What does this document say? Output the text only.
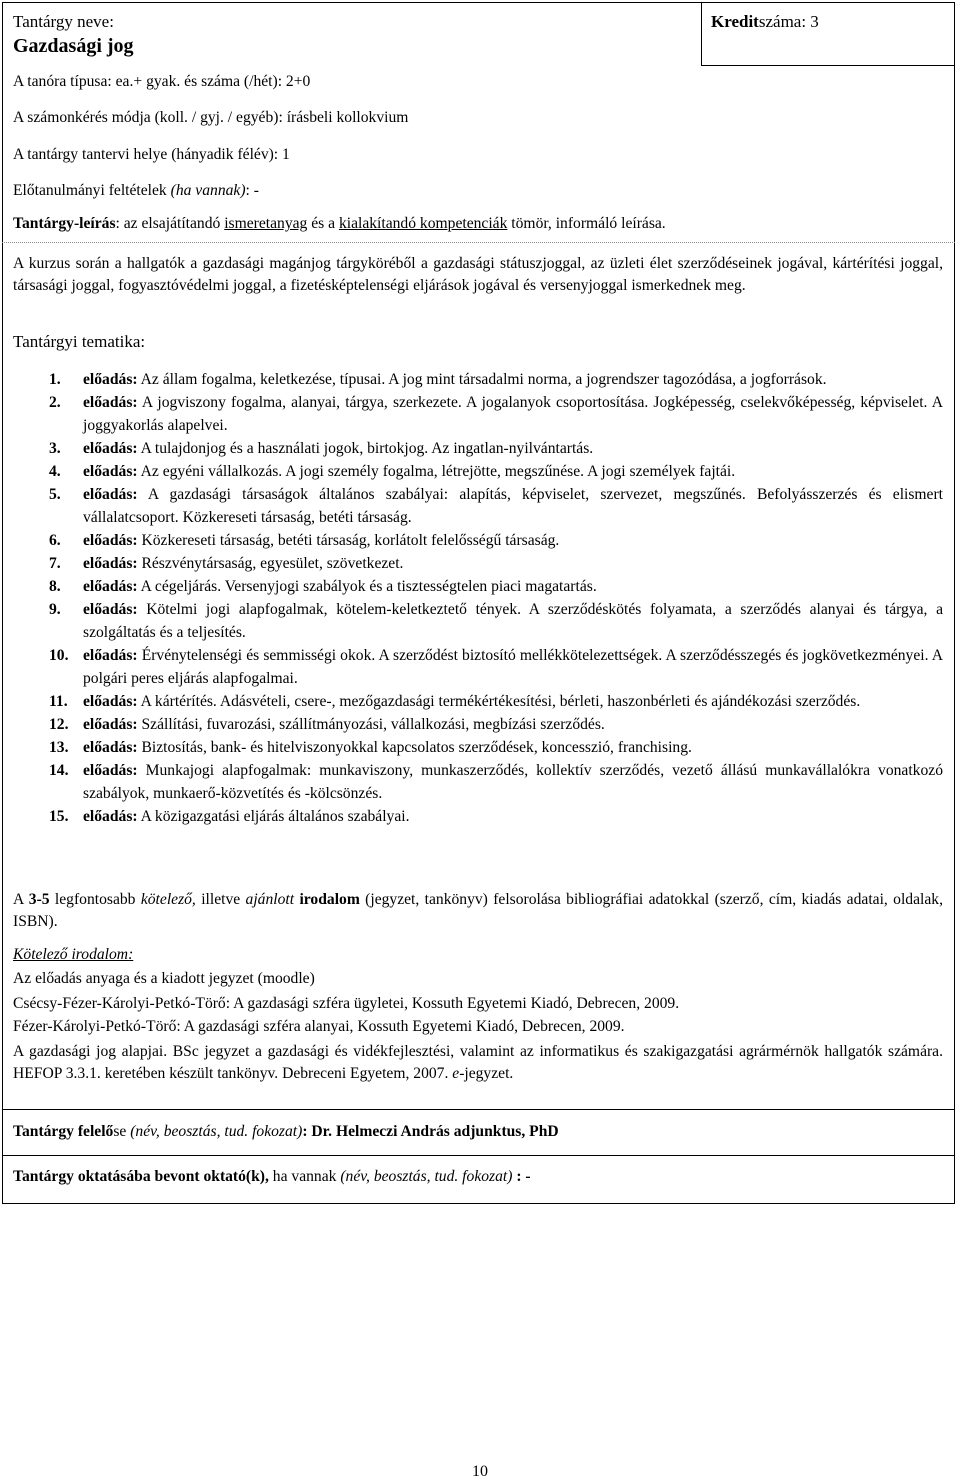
Tantárgy neve:
Gazdasági jog
Kreditszáma: 3
A tanóra típusa: ea.+ gyak. és száma (/hét): 2+0
A számonkérés módja (koll. / gyj. / egyéb): írásbeli kollokvium
A tantárgy tantervi helye (hányadik félév): 1
Előtanulmányi feltételek (ha vannak): -
Tantárgy-leírás: az elsajátítandó ismeretanyag és a kialakítandó kompetenciák tömör, informáló leírása.

A kurzus során a hallgatók a gazdasági magánjog tárgyköréből a gazdasági státuszjoggal, az üzleti élet szerződéseinek jogával, kártérítési joggal, társasági joggal, fogyasztóvédelmi joggal, a fizetésképtelenségi eljárások jogával és versenyjoggal ismerkednek meg.

Tantárgyi tematika:
1.	előadás: Az állam fogalma, keletkezése, típusai. A jog mint társadalmi norma, a jogrendszer tagozódása, a jogforrások.
2.	előadás: A jogviszony fogalma, alanyai, tárgya, szerkezete. A jogalanyok csoportosítása. Jogképesség, cselekvőképesség, képviselet. A joggyakorlás alapelvei.
3.	előadás: A tulajdonjog és a használati jogok, birtokjog. Az ingatlan-nyilvántartás.
4.	előadás: Az egyéni vállalkozás. A jogi személy fogalma, létrejötte, megszűnése. A jogi személyek fajtái.
5.	előadás: A gazdasági társaságok általános szabályai: alapítás, képviselet, szervezet, megszűnés. Befolyásszerzés és elismert vállalatcsoport. Közkereseti társaság, betéti társaság.
6.	előadás: Közkereseti társaság, betéti társaság, korlátolt felelősségű társaság.
7.	előadás: Részvénytársaság, egyesület, szövetkezet.
8.	előadás: A cégeljárás. Versenyjogi szabályok és a tisztességtelen piaci magatartás.
9.	előadás: Kötelmi jogi alapfogalmak, kötelem-keletkeztető tények. A szerződéskötés folyamata, a szerződés alanyai és tárgya, a szolgáltatás és a teljesítés.
10. előadás: Érvénytelenségi és semmisségi okok. A szerződést biztosító mellékkötelezettségek. A szerződésszegés és jogkövetkezményei. A polgári peres eljárás alapfogalmai.
11. előadás: A kártérítés. Adásvételi, csere-, mezőgazdasági termékértékesítési, bérleti, haszonbérleti és ajándékozási szerződés.
12. előadás: Szállítási, fuvarozási, szállítmányozási, vállalkozási, megbízási szerződés.
13. előadás: Biztosítás, bank- és hitelviszonyokkal kapcsolatos szerződések, koncesszió, franchising.
14. előadás: Munkajogi alapfogalmak: munkaviszony, munkaszerződés, kollektív szerződés, vezető állású munkavállalókra vonatkozó szabályok, munkaerő-közvetítés és -kölcsönzés.
15. előadás: A közigazgatási eljárás általános szabályai.

A 3-5 legfontosabb kötelező, illetve ajánlott irodalom (jegyzet, tankönyv) felsorolása bibliográfiai adatokkal (szerző, cím, kiadás adatai, oldalak, ISBN).

Kötelező irodalom:
Az előadás anyaga és a kiadott jegyzet (moodle)
Csécsy-Fézer-Károlyi-Petkó-Törő: A gazdasági szféra ügyletei, Kossuth Egyetemi Kiadó, Debrecen, 2009.
Fézer-Károlyi-Petkó-Törő: A gazdasági szféra alanyai, Kossuth Egyetemi Kiadó, Debrecen, 2009.

A gazdasági jog alapjai. BSc jegyzet a gazdasági és vidékfejlesztési, valamint az informatikus és szakigazgatási agrármérnök hallgatók számára. HEFOP 3.3.1. keretében készült tankönyv. Debreceni Egyetem, 2007. e-jegyzet.

Tantárgy felelőse (név, beosztás, tud. fokozat): Dr. Helmeczi András adjunktus, PhD
Tantárgy oktatásába bevont oktató(k), ha vannak (név, beosztás, tud. fokozat) : -
10
